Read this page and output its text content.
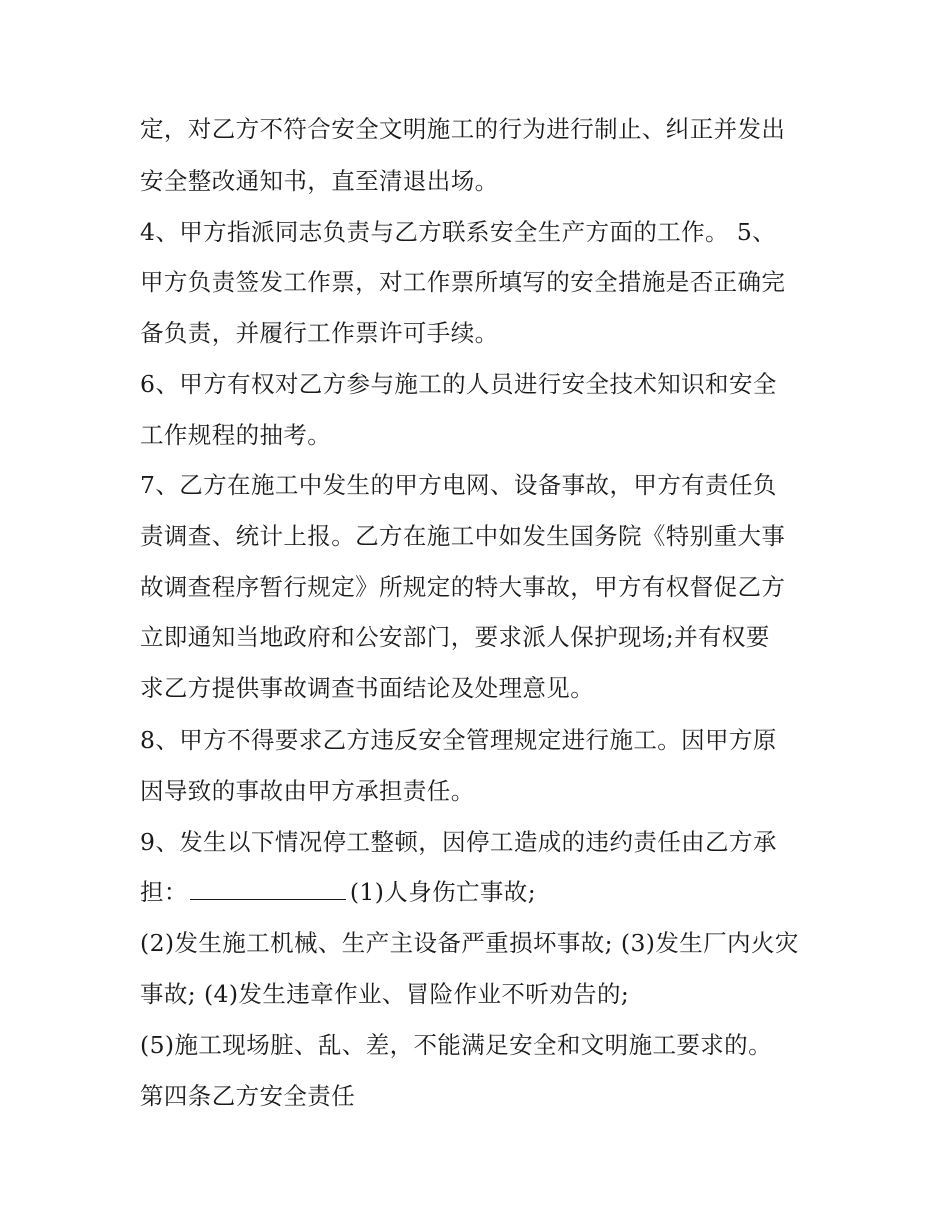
定，对乙方不符合安全文明施工的行为进行制止、纠正并发出
安全整改通知书，直至清退出场。
4、甲方指派同志负责与乙方联系安全生产方面的工作。 5、
甲方负责签发工作票，对工作票所填写的安全措施是否正确完
备负责，并履行工作票许可手续。
6、甲方有权对乙方参与施工的人员进行安全技术知识和安全
工作规程的抽考。
7、乙方在施工中发生的甲方电网、设备事故，甲方有责任负
责调查、统计上报。乙方在施工中如发生国务院《特别重大事
故调查程序暂行规定》所规定的特大事故，甲方有权督促乙方
立即通知当地政府和公安部门，要求派人保护现场;并有权要
求乙方提供事故调查书面结论及处理意见。
8、甲方不得要求乙方违反安全管理规定进行施工。因甲方原
因导致的事故由甲方承担责任。
9、发生以下情况停工整顿，因停工造成的违约责任由乙方承
担：	(1)人身伤亡事故;
(2)发生施工机械、生产主设备严重损坏事故; (3)发生厂内火灾
事故; (4)发生违章作业、冒险作业不听劝告的;
(5)施工现场脏、乱、差，不能满足安全和文明施工要求的。
第四条乙方安全责任
